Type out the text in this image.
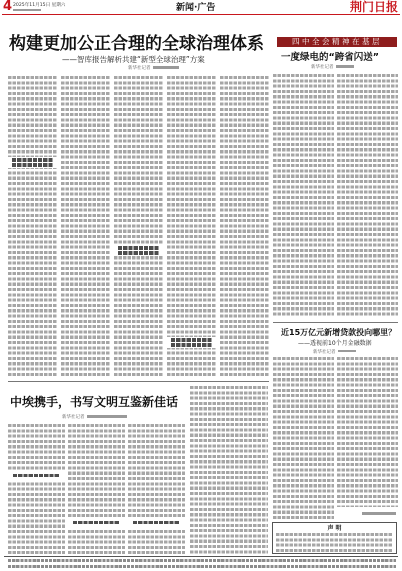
4 2025年11月15日 星期六	新闻·广告	荆门日报
构建更加公正合理的全球治理体系
——智库报告解析共建“新型全球治理”方案
新华社记者
中埃携手，书写文明互鉴新佳话
新华社记者
四中全会精神在基层
一度绿电的“跨省闪送”
新华社记者
近15万亿元新增贷款投向哪里？
——透视前10个月金融数据
新华社记者
声 明
